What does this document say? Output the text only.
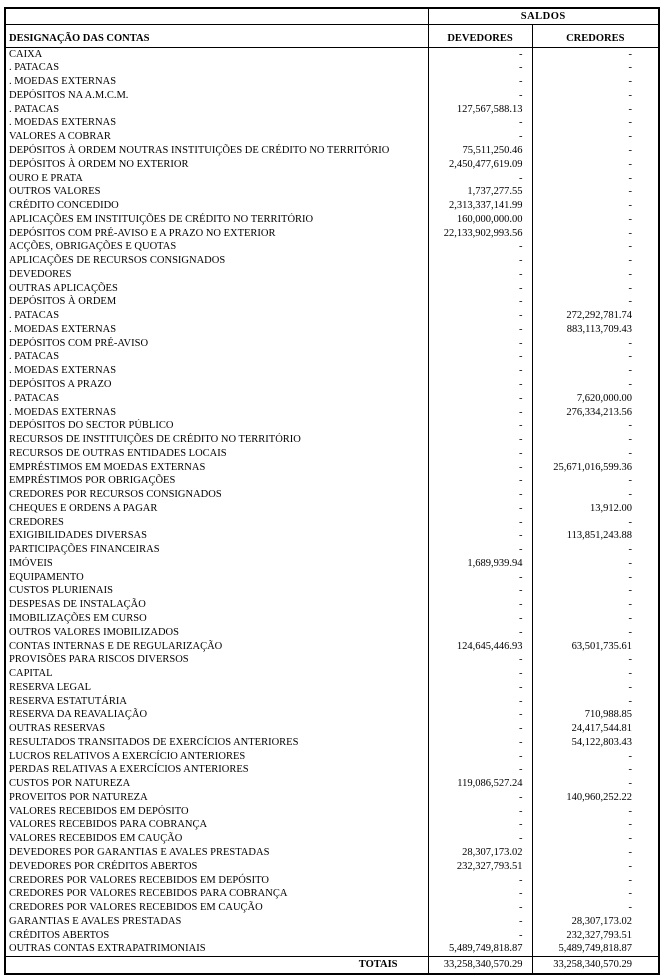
	SALDOS	
DESIGNAÇÃO DAS CONTAS	DEVEDORES	CREDORES
CAIXA	-	-
. PATACAS	-	-
. MOEDAS EXTERNAS	-	-
DEPÓSITOS NA A.M.C.M.	-	-
. PATACAS	127,567,588.13	-
. MOEDAS EXTERNAS	-	-
VALORES A COBRAR	-	-
DEPÓSITOS À ORDEM NOUTRAS INSTITUIÇÕES DE CRÉDITO NO TERRITÓRIO	75,511,250.46	-
DEPÓSITOS À ORDEM NO EXTERIOR	2,450,477,619.09	-
OURO E PRATA	-	-
OUTROS VALORES	1,737,277.55	-
CRÉDITO CONCEDIDO	2,313,337,141.99	-
APLICAÇÕES EM INSTITUIÇÕES DE CRÉDITO NO TERRITÓRIO	160,000,000.00	-
DEPÓSITOS COM PRÉ-AVISO E A PRAZO NO EXTERIOR	22,133,902,993.56	-
ACÇÕES, OBRIGAÇÕES E QUOTAS	-	-
APLICAÇÕES DE RECURSOS CONSIGNADOS	-	-
DEVEDORES	-	-
OUTRAS APLICAÇÕES	-	-
DEPÓSITOS À ORDEM	-	-
. PATACAS	-	272,292,781.74
. MOEDAS EXTERNAS	-	883,113,709.43
DEPÓSITOS COM PRÉ-AVISO	-	-
. PATACAS	-	-
. MOEDAS EXTERNAS	-	-
DEPÓSITOS A PRAZO	-	-
. PATACAS	-	7,620,000.00
. MOEDAS EXTERNAS	-	276,334,213.56
DEPÓSITOS DO SECTOR PÚBLICO	-	-
RECURSOS DE INSTITUIÇÕES DE CRÉDITO NO TERRITÓRIO	-	-
RECURSOS DE OUTRAS ENTIDADES LOCAIS	-	-
EMPRÉSTIMOS EM MOEDAS EXTERNAS	-	25,671,016,599.36
EMPRÉSTIMOS POR OBRIGAÇÕES	-	-
CREDORES POR RECURSOS CONSIGNADOS	-	-
CHEQUES E ORDENS A PAGAR	-	13,912.00
CREDORES	-	-
EXIGIBILIDADES DIVERSAS	-	113,851,243.88
PARTICIPAÇÕES FINANCEIRAS	-	-
IMÓVEIS	1,689,939.94	-
EQUIPAMENTO	-	-
CUSTOS PLURIENAIS	-	-
DESPESAS DE INSTALAÇÃO	-	-
IMOBILIZAÇÕES EM CURSO	-	-
OUTROS VALORES IMOBILIZADOS	-	-
CONTAS INTERNAS E DE REGULARIZAÇÃO	124,645,446.93	63,501,735.61
PROVISÕES PARA RISCOS DIVERSOS	-	-
CAPITAL	-	-
RESERVA LEGAL	-	-
RESERVA ESTATUTÁRIA	-	-
RESERVA DA REAVALIAÇÃO	-	710,988.85
OUTRAS RESERVAS	-	24,417,544.81
RESULTADOS TRANSITADOS DE EXERCÍCIOS ANTERIORES	-	54,122,803.43
LUCROS RELATIVOS A EXERCÍCIO ANTERIORES	-	-
PERDAS RELATIVAS A EXERCÍCIOS ANTERIORES	-	-
CUSTOS POR NATUREZA	119,086,527.24	-
PROVEITOS POR NATUREZA	-	140,960,252.22
VALORES RECEBIDOS EM DEPÓSITO	-	-
VALORES RECEBIDOS PARA COBRANÇA	-	-
VALORES RECEBIDOS EM CAUÇÃO	-	-
DEVEDORES POR GARANTIAS E AVALES PRESTADAS	28,307,173.02	-
DEVEDORES POR CRÉDITOS ABERTOS	232,327,793.51	-
CREDORES POR VALORES RECEBIDOS EM DEPÓSITO	-	-
CREDORES POR VALORES RECEBIDOS PARA COBRANÇA	-	-
CREDORES POR VALORES RECEBIDOS EM CAUÇÃO	-	-
GARANTIAS E AVALES PRESTADAS	-	28,307,173.02
CRÉDITOS ABERTOS	-	232,327,793.51
OUTRAS CONTAS EXTRAPATRIMONIAIS	5,489,749,818.87	5,489,749,818.87
TOTAIS	33,258,340,570.29	33,258,340,570.29
